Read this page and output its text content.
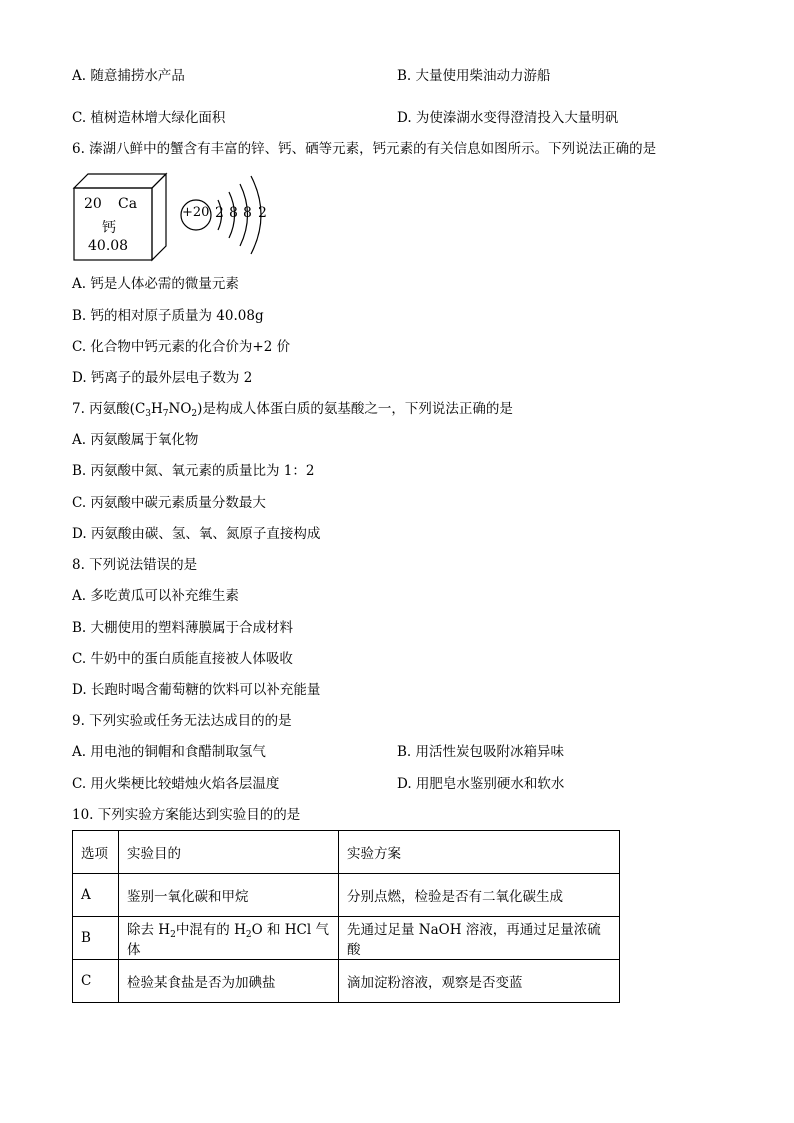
A. 随意捕捞水产品	B. 大量使用柴油动力游船
C. 植树造林增大绿化面积	D. 为使溱湖水变得澄清投入大量明矾
6. 溱湖八鲜中的蟹含有丰富的锌、钙、硒等元素，钙元素的有关信息如图所示。下列说法正确的是
20 Ca
钙
40.08
+20 2 8 8 2
A. 钙是人体必需的微量元素
B. 钙的相对原子质量为 40.08g
C. 化合物中钙元素的化合价为+2 价
D. 钙离子的最外层电子数为 2
7. 丙氨酸$(C_3H_7NO_2)$是构成人体蛋白质的氨基酸之一，下列说法正确的是
A. 丙氨酸属于氧化物
B. 丙氨酸中氮、氧元素的质量比为 1：2
C. 丙氨酸中碳元素质量分数最大
D. 丙氨酸由碳、氢、氧、氮原子直接构成
8. 下列说法错误的是
A. 多吃黄瓜可以补充维生素
B. 大棚使用的塑料薄膜属于合成材料
C. 牛奶中的蛋白质能直接被人体吸收
D. 长跑时喝含葡萄糖的饮料可以补充能量
9. 下列实验或任务无法达成目的的是
A. 用电池的铜帽和食醋制取氢气	B. 用活性炭包吸附冰箱异味
C. 用火柴梗比较蜡烛火焰各层温度	D. 用肥皂水鉴别硬水和软水
10. 下列实验方案能达到实验目的的是
选项	实验目的	实验方案
A	鉴别一氧化碳和甲烷	分别点燃，检验是否有二氧化碳生成
B	除去 $H_2$中混有的 $H_2O$ 和 HCl 气体	先通过足量 NaOH 溶液，再通过足量浓硫酸
C	检验某食盐是否为加碘盐	滴加淀粉溶液，观察是否变蓝
